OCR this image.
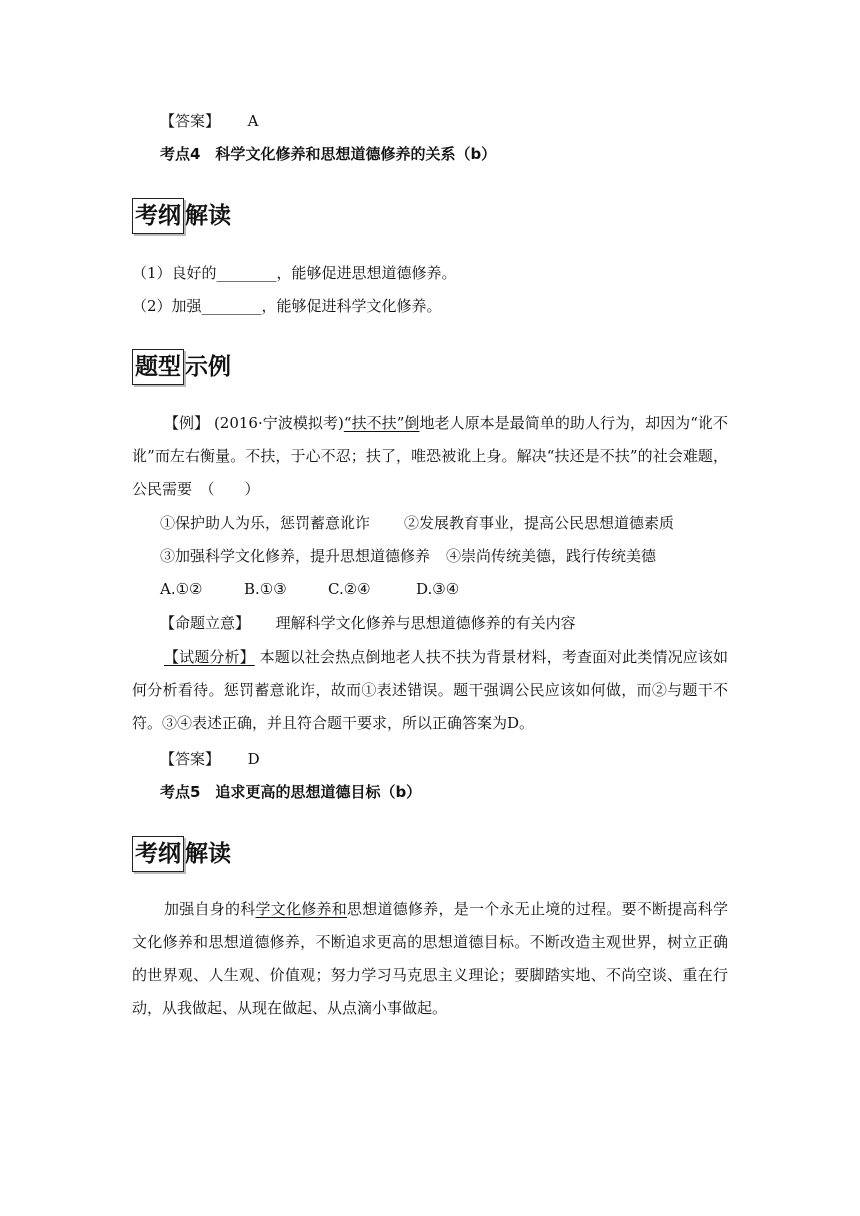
【答案】 A
考点4　科学文化修养和思想道德修养的关系（b）
考纲 解读
（1）良好的________，能够促进思想道德修养。
（2）加强________，能够促进科学文化修养。
题型 示例
【例】 (2016·宁波模拟考)“扶不扶”倒地老人原本是最简单的助人行为，却因为“讹不讹”而左右衡量。不扶，于心不忍；扶了，唯恐被讹上身。解决“扶还是不扶”的社会难题，公民需要　（　　）
①保护助人为乐，惩罚蓄意讹诈 ②发展教育事业，提高公民思想道德素质
③加强科学文化修养，提升思想道德修养 ④崇尚传统美德，践行传统美德
A.①②	B.①③	C.②④	D.③④
【命题立意】 理解科学文化修养与思想道德修养的有关内容
【试题分析】 本题以社会热点倒地老人扶不扶为背景材料，考查面对此类情况应该如何分析看待。惩罚蓄意讹诈，故而①表述错误。题干强调公民应该如何做，而②与题干不符。③④表述正确，并且符合题干要求，所以正确答案为D。
【答案】 D
考点5　追求更高的思想道德目标（b）
考纲 解读
加强自身的科学文化修养和思想道德修养，是一个永无止境的过程。要不断提高科学文化修养和思想道德修养，不断追求更高的思想道德目标。不断改造主观世界，树立正确的世界观、人生观、价值观；努力学习马克思主义理论；要脚踏实地、不尚空谈、重在行动，从我做起、从现在做起、从点滴小事做起。
